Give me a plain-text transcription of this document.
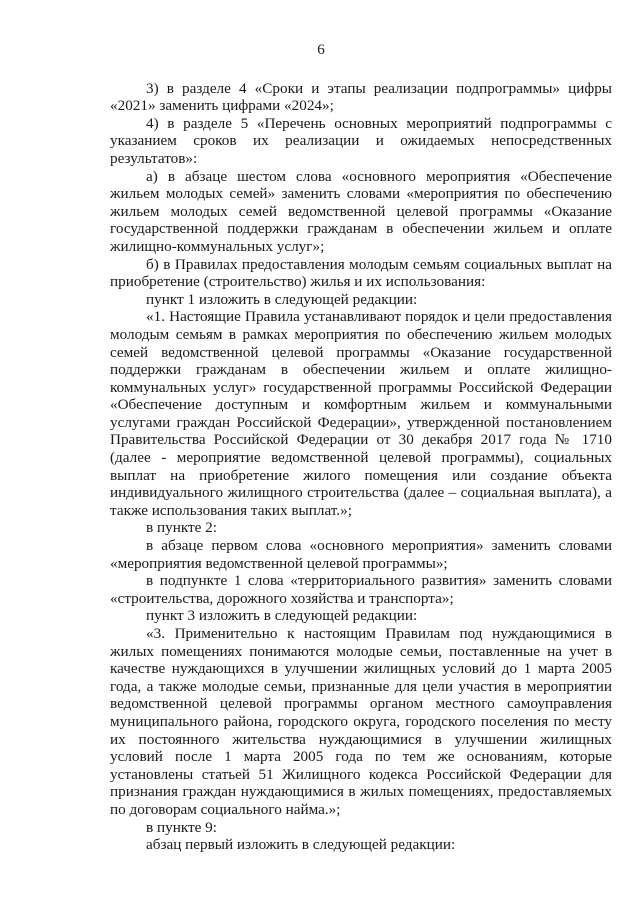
6

3) в разделе 4 «Сроки и этапы реализации подпрограммы» цифры «2021» заменить цифрами «2024»;

4) в разделе 5 «Перечень основных мероприятий подпрограммы с указанием сроков их реализации и ожидаемых непосредственных результатов»:

а) в абзаце шестом слова «основного мероприятия «Обеспечение жильем молодых семей» заменить словами «мероприятия по обеспечению жильем молодых семей ведомственной целевой программы «Оказание государственной поддержки гражданам в обеспечении жильем и оплате жилищно-коммунальных услуг»;

б) в Правилах предоставления молодым семьям социальных выплат на приобретение (строительство) жилья и их использования:

пункт 1 изложить в следующей редакции:

«1. Настоящие Правила устанавливают порядок и цели предоставления молодым семьям в рамках мероприятия по обеспечению жильем молодых семей ведомственной целевой программы «Оказание государственной поддержки гражданам в обеспечении жильем и оплате жилищно-коммунальных услуг» государственной программы Российской Федерации «Обеспечение доступным и комфортным жильем и коммунальными услугами граждан Российской Федерации», утвержденной постановлением Правительства Российской Федерации от 30 декабря 2017 года № 1710 (далее - мероприятие ведомственной целевой программы), социальных выплат на приобретение жилого помещения или создание объекта индивидуального жилищного строительства (далее – социальная выплата), а также использования таких выплат.»;

в пункте 2:

в абзаце первом слова «основного мероприятия» заменить словами «мероприятия ведомственной целевой программы»;

в подпункте 1 слова «территориального развития» заменить словами «строительства, дорожного хозяйства и транспорта»;

пункт 3 изложить в следующей редакции:

«3. Применительно к настоящим Правилам под нуждающимися в жилых помещениях понимаются молодые семьи, поставленные на учет в качестве нуждающихся в улучшении жилищных условий до 1 марта 2005 года, а также молодые семьи, признанные для цели участия в мероприятии ведомственной целевой программы органом местного самоуправления муниципального района, городского округа, городского поселения по месту их постоянного жительства нуждающимися в улучшении жилищных условий после 1 марта 2005 года по тем же основаниям, которые установлены статьей 51 Жилищного кодекса Российской Федерации для признания граждан нуждающимися в жилых помещениях, предоставляемых по договорам социального найма.»;

в пункте 9:

абзац первый изложить в следующей редакции:
